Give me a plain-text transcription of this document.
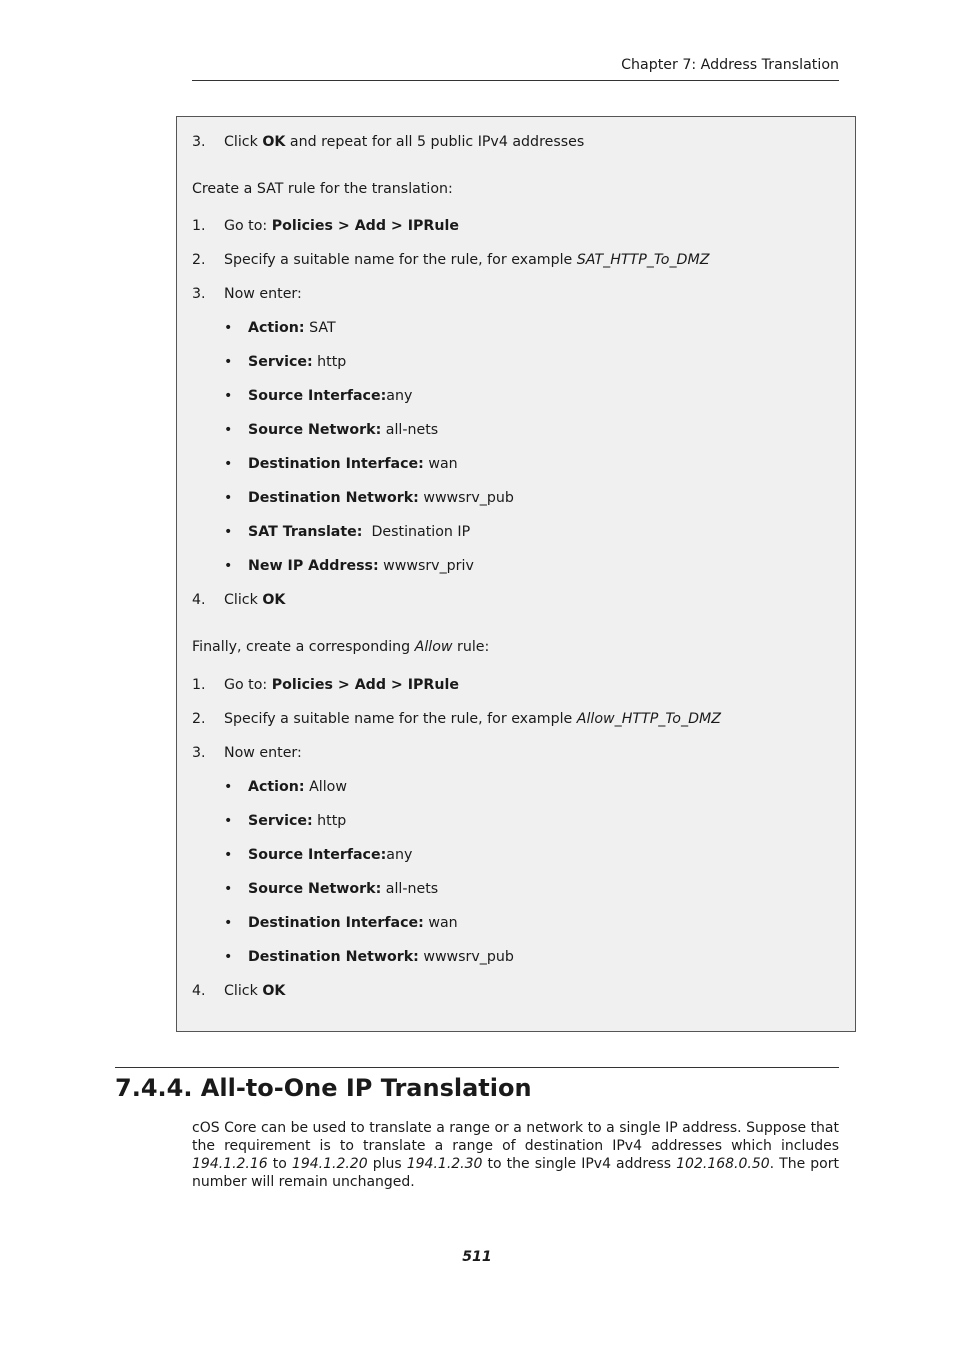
Chapter 7: Address Translation
3. Click OK and repeat for all 5 public IPv4 addresses
Create a SAT rule for the translation:
1. Go to: Policies > Add > IPRule
2. Specify a suitable name for the rule, for example SAT_HTTP_To_DMZ
3. Now enter:
• Action: SAT
• Service: http
• Source Interface:any
• Source Network: all-nets
• Destination Interface: wan
• Destination Network: wwwsrv_pub
• SAT Translate:  Destination IP
• New IP Address: wwwsrv_priv
4. Click OK
Finally, create a corresponding Allow rule:
1. Go to: Policies > Add > IPRule
2. Specify a suitable name for the rule, for example Allow_HTTP_To_DMZ
3. Now enter:
• Action: Allow
• Service: http
• Source Interface:any
• Source Network: all-nets
• Destination Interface: wan
• Destination Network: wwwsrv_pub
4. Click OK
7.4.4. All-to-One IP Translation

cOS Core can be used to translate a range or a network to a single IP address. Suppose that the requirement is to translate a range of destination IPv4 addresses which includes 194.1.2.16 to 194.1.2.20 plus 194.1.2.30 to the single IPv4 address 102.168.0.50. The port number will remain unchanged.

511
